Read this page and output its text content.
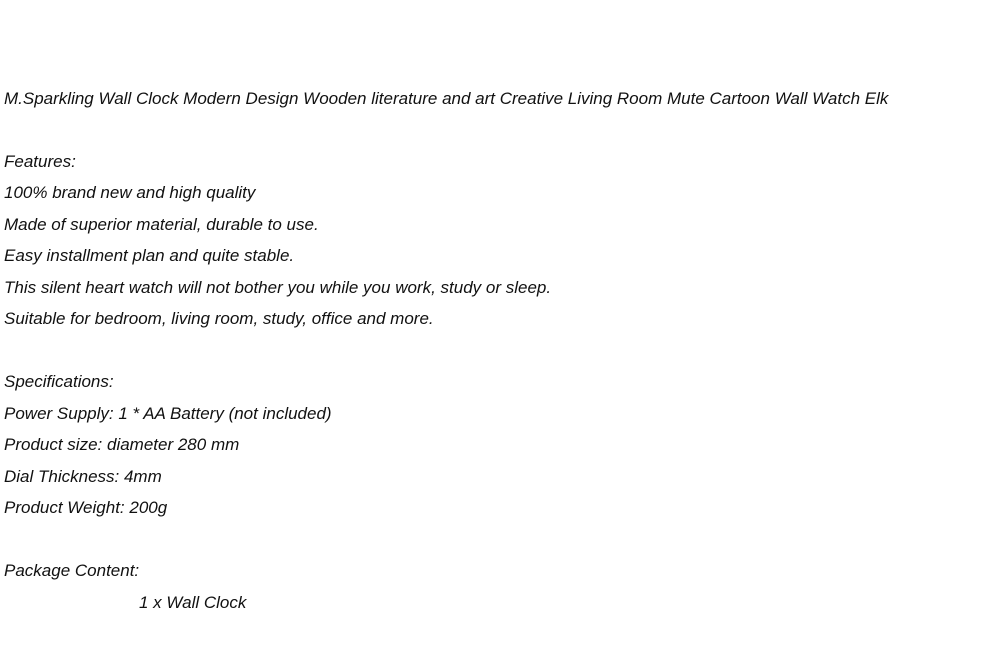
M.Sparkling Wall Clock Modern Design Wooden literature and art Creative Living Room Mute Cartoon Wall Watch Elk
Features:
100% brand new and high quality
Made of superior material, durable to use.
Easy installment plan and quite stable.
This silent heart watch will not bother you while you work, study or sleep.
Suitable for bedroom, living room, study, office and more.
Specifications:
Power Supply: 1 * AA Battery (not included)
Product size: diameter 280 mm
Dial Thickness: 4mm
Product Weight: 200g
Package Content:
1 x Wall Clock
